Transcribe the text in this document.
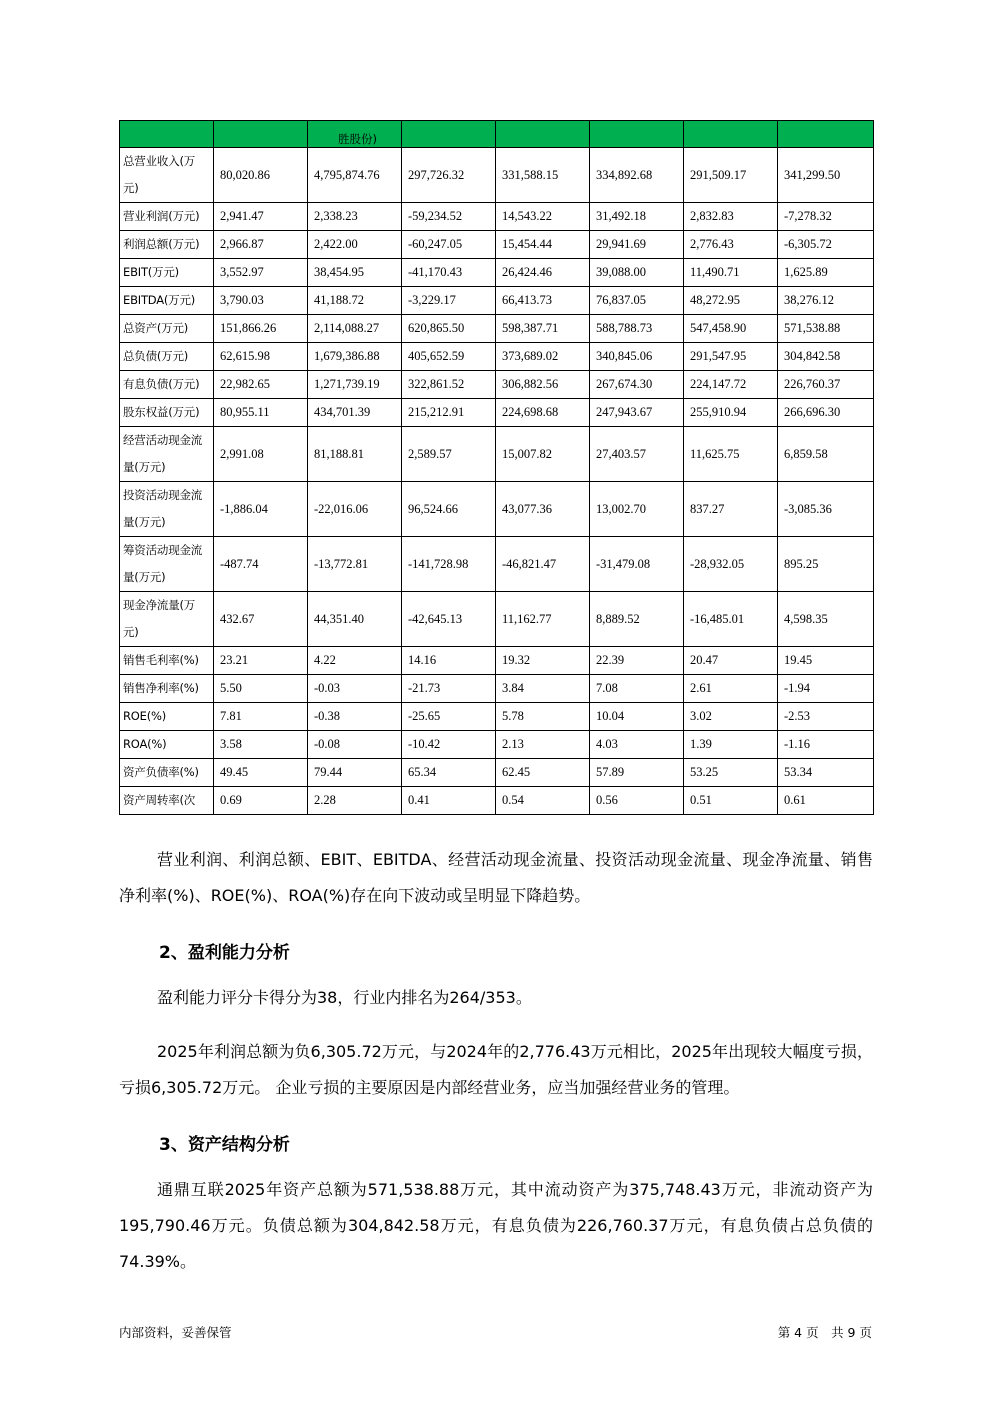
		胜股份)					
总营业收入(万元)	80,020.86	4,795,874.76	297,726.32	331,588.15	334,892.68	291,509.17	341,299.50
营业利润(万元)	2,941.47	2,338.23	-59,234.52	14,543.22	31,492.18	2,832.83	-7,278.32
利润总额(万元)	2,966.87	2,422.00	-60,247.05	15,454.44	29,941.69	2,776.43	-6,305.72
EBIT(万元)	3,552.97	38,454.95	-41,170.43	26,424.46	39,088.00	11,490.71	1,625.89
EBITDA(万元)	3,790.03	41,188.72	-3,229.17	66,413.73	76,837.05	48,272.95	38,276.12
总资产(万元)	151,866.26	2,114,088.27	620,865.50	598,387.71	588,788.73	547,458.90	571,538.88
总负债(万元)	62,615.98	1,679,386.88	405,652.59	373,689.02	340,845.06	291,547.95	304,842.58
有息负债(万元)	22,982.65	1,271,739.19	322,861.52	306,882.56	267,674.30	224,147.72	226,760.37
股东权益(万元)	80,955.11	434,701.39	215,212.91	224,698.68	247,943.67	255,910.94	266,696.30
经营活动现金流量(万元)	2,991.08	81,188.81	2,589.57	15,007.82	27,403.57	11,625.75	6,859.58
投资活动现金流量(万元)	-1,886.04	-22,016.06	96,524.66	43,077.36	13,002.70	837.27	-3,085.36
筹资活动现金流量(万元)	-487.74	-13,772.81	-141,728.98	-46,821.47	-31,479.08	-28,932.05	895.25
现金净流量(万元)	432.67	44,351.40	-42,645.13	11,162.77	8,889.52	-16,485.01	4,598.35
销售毛利率(%)	23.21	4.22	14.16	19.32	22.39	20.47	19.45
销售净利率(%)	5.50	-0.03	-21.73	3.84	7.08	2.61	-1.94
ROE(%)	7.81	-0.38	-25.65	5.78	10.04	3.02	-2.53
ROA(%)	3.58	-0.08	-10.42	2.13	4.03	1.39	-1.16
资产负债率(%)	49.45	79.44	65.34	62.45	57.89	53.25	53.34
资产周转率(次	0.69	2.28	0.41	0.54	0.56	0.51	0.61
营业利润、利润总额、EBIT、EBITDA、经营活动现金流量、投资活动现金流量、现金净流量、销售净利率(%)、ROE(%)、ROA(%)存在向下波动或呈明显下降趋势。
2、盈利能力分析
盈利能力评分卡得分为38，行业内排名为264/353。
2025年利润总额为负6,305.72万元，与2024年的2,776.43万元相比，2025年出现较大幅度亏损，亏损6,305.72万元。 企业亏损的主要原因是内部经营业务，应当加强经营业务的管理。
3、资产结构分析
通鼎互联2025年资产总额为571,538.88万元，其中流动资产为375,748.43万元，非流动资产为195,790.46万元。负债总额为304,842.58万元，有息负债为226,760.37万元，有息负债占总负债的74.39%。
内部资料，妥善保管	第 4 页　共 9 页
